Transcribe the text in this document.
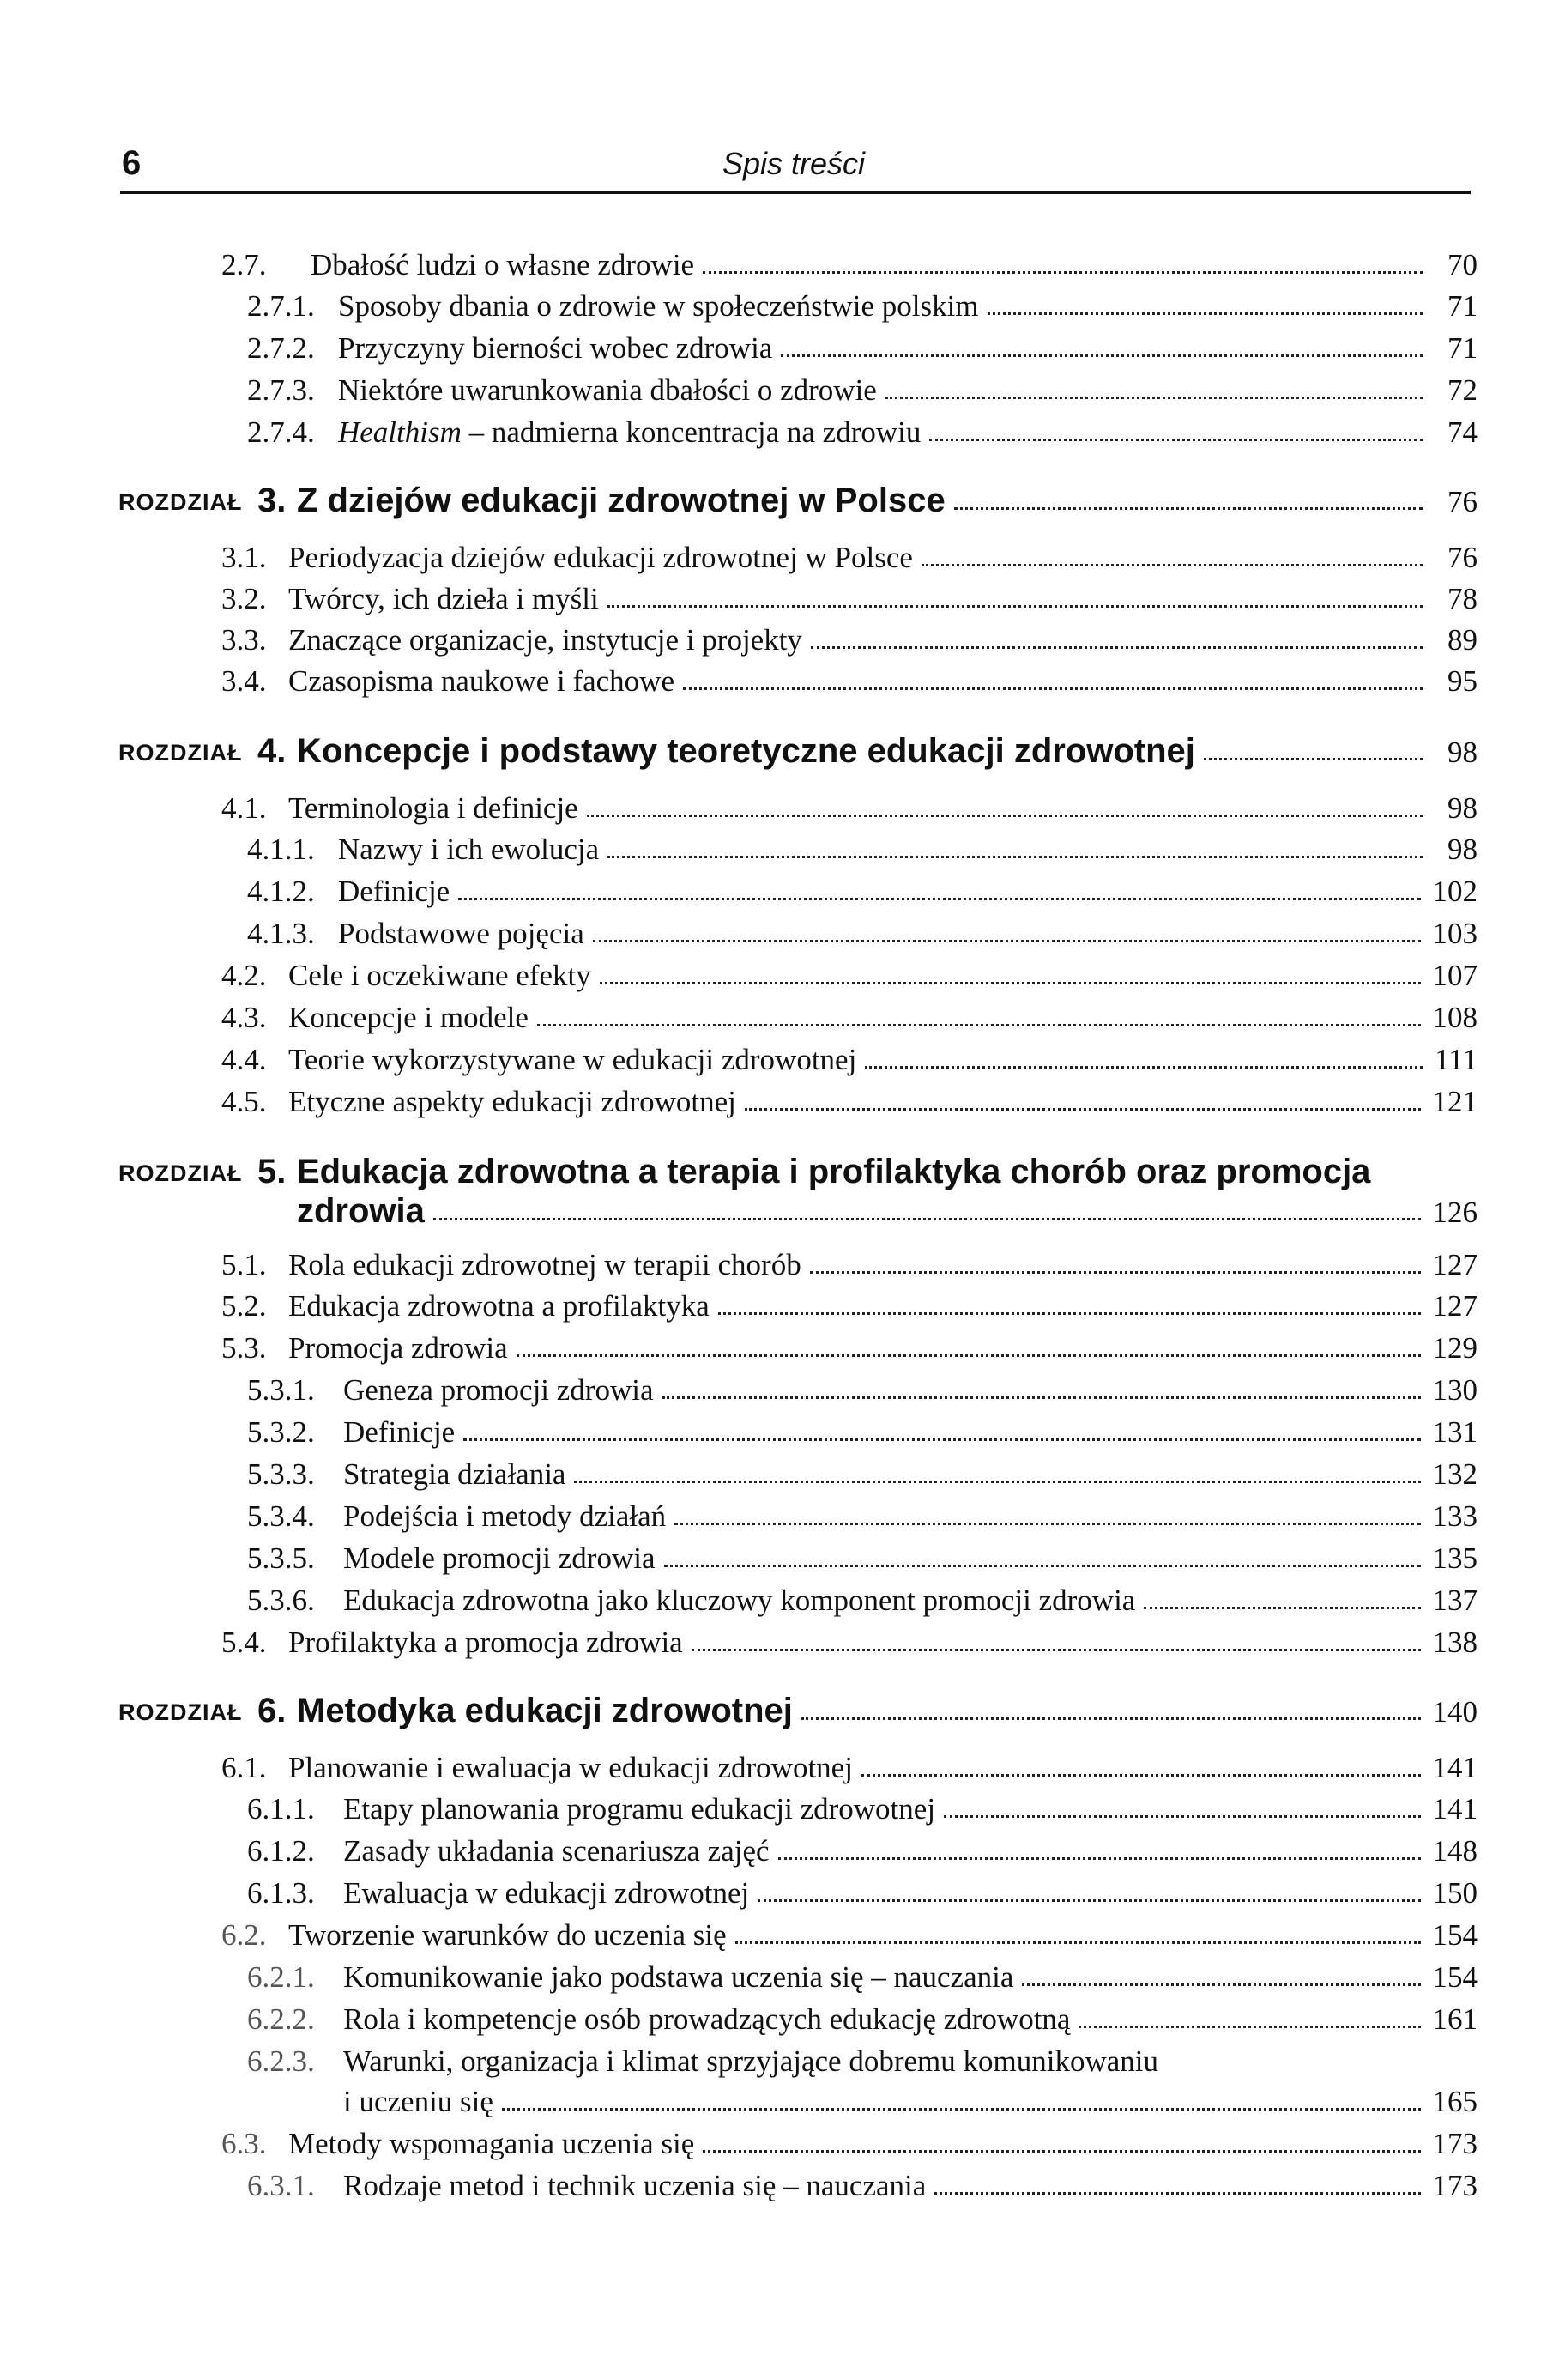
6	Spis treści
2.7. Dbałość ludzi o własne zdrowie	70
2.7.1. Sposoby dbania o zdrowie w społeczeństwie polskim	71
2.7.2. Przyczyny bierności wobec zdrowia	71
2.7.3. Niektóre uwarunkowania dbałości o zdrowie	72
2.7.4. Healthism – nadmierna koncentracja na zdrowiu	74
ROZDZIAŁ 3. Z dziejów edukacji zdrowotnej w Polsce	76
3.1. Periodyzacja dziejów edukacji zdrowotnej w Polsce	76
3.2. Twórcy, ich dzieła i myśli	78
3.3. Znaczące organizacje, instytucje i projekty	89
3.4. Czasopisma naukowe i fachowe	95
ROZDZIAŁ 4. Koncepcje i podstawy teoretyczne edukacji zdrowotnej	98
4.1. Terminologia i definicje	98
4.1.1. Nazwy i ich ewolucja	98
4.1.2. Definicje	102
4.1.3. Podstawowe pojęcia	103
4.2. Cele i oczekiwane efekty	107
4.3. Koncepcje i modele	108
4.4. Teorie wykorzystywane w edukacji zdrowotnej	111
4.5. Etyczne aspekty edukacji zdrowotnej	121
ROZDZIAŁ 5. Edukacja zdrowotna a terapia i profilaktyka chorób oraz promocja
zdrowia	126
5.1. Rola edukacji zdrowotnej w terapii chorób	127
5.2. Edukacja zdrowotna a profilaktyka	127
5.3. Promocja zdrowia	129
5.3.1. Geneza promocji zdrowia	130
5.3.2. Definicje	131
5.3.3. Strategia działania	132
5.3.4. Podejścia i metody działań	133
5.3.5. Modele promocji zdrowia	135
5.3.6. Edukacja zdrowotna jako kluczowy komponent promocji zdrowia	137
5.4. Profilaktyka a promocja zdrowia	138
ROZDZIAŁ 6. Metodyka edukacji zdrowotnej	140
6.1. Planowanie i ewaluacja w edukacji zdrowotnej	141
6.1.1. Etapy planowania programu edukacji zdrowotnej	141
6.1.2. Zasady układania scenariusza zajęć	148
6.1.3. Ewaluacja w edukacji zdrowotnej	150
6.2. Tworzenie warunków do uczenia się	154
6.2.1. Komunikowanie jako podstawa uczenia się – nauczania	154
6.2.2. Rola i kompetencje osób prowadzących edukację zdrowotną	161
6.2.3. Warunki, organizacja i klimat sprzyjające dobremu komunikowaniu
i uczeniu się	165
6.3. Metody wspomagania uczenia się	173
6.3.1. Rodzaje metod i technik uczenia się – nauczania	173
